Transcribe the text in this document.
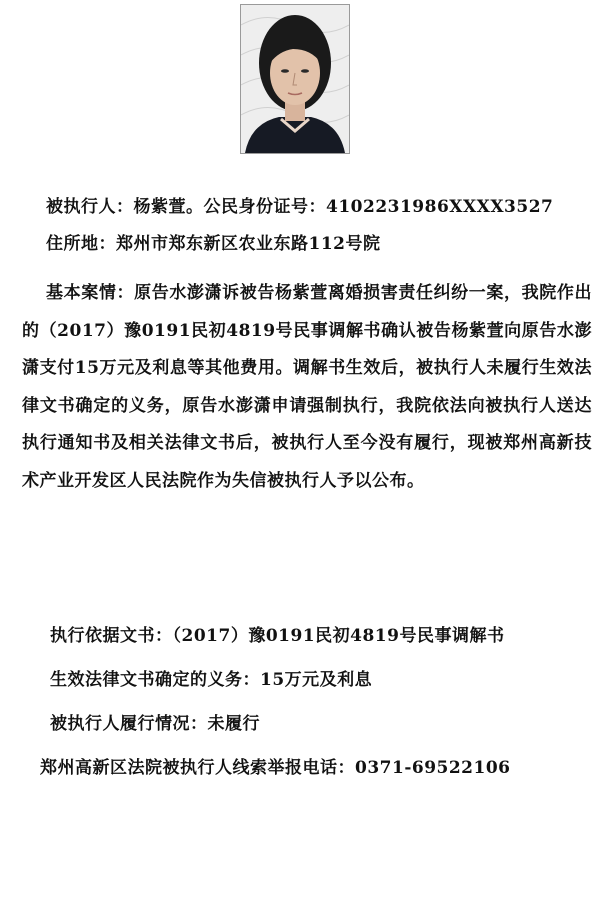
被执行人：杨紫萱。公民身份证号：4102231986XXXX3527
住所地：郑州市郑东新区农业东路112号院
基本案情：原告水澎潇诉被告杨紫萱离婚损害责任纠纷一案，我院作出的（2017）豫0191民初4819号民事调解书确认被告杨紫萱向原告水澎潇支付15万元及利息等其他费用。调解书生效后，被执行人未履行生效法律文书确定的义务，原告水澎潇申请强制执行，我院依法向被执行人送达执行通知书及相关法律文书后，被执行人至今没有履行，现被郑州高新技术产业开发区人民法院作为失信被执行人予以公布。
执行依据文书：（2017）豫0191民初4819号民事调解书
生效法律文书确定的义务：15万元及利息
被执行人履行情况：未履行
郑州高新区法院被执行人线索举报电话：0371-69522106
